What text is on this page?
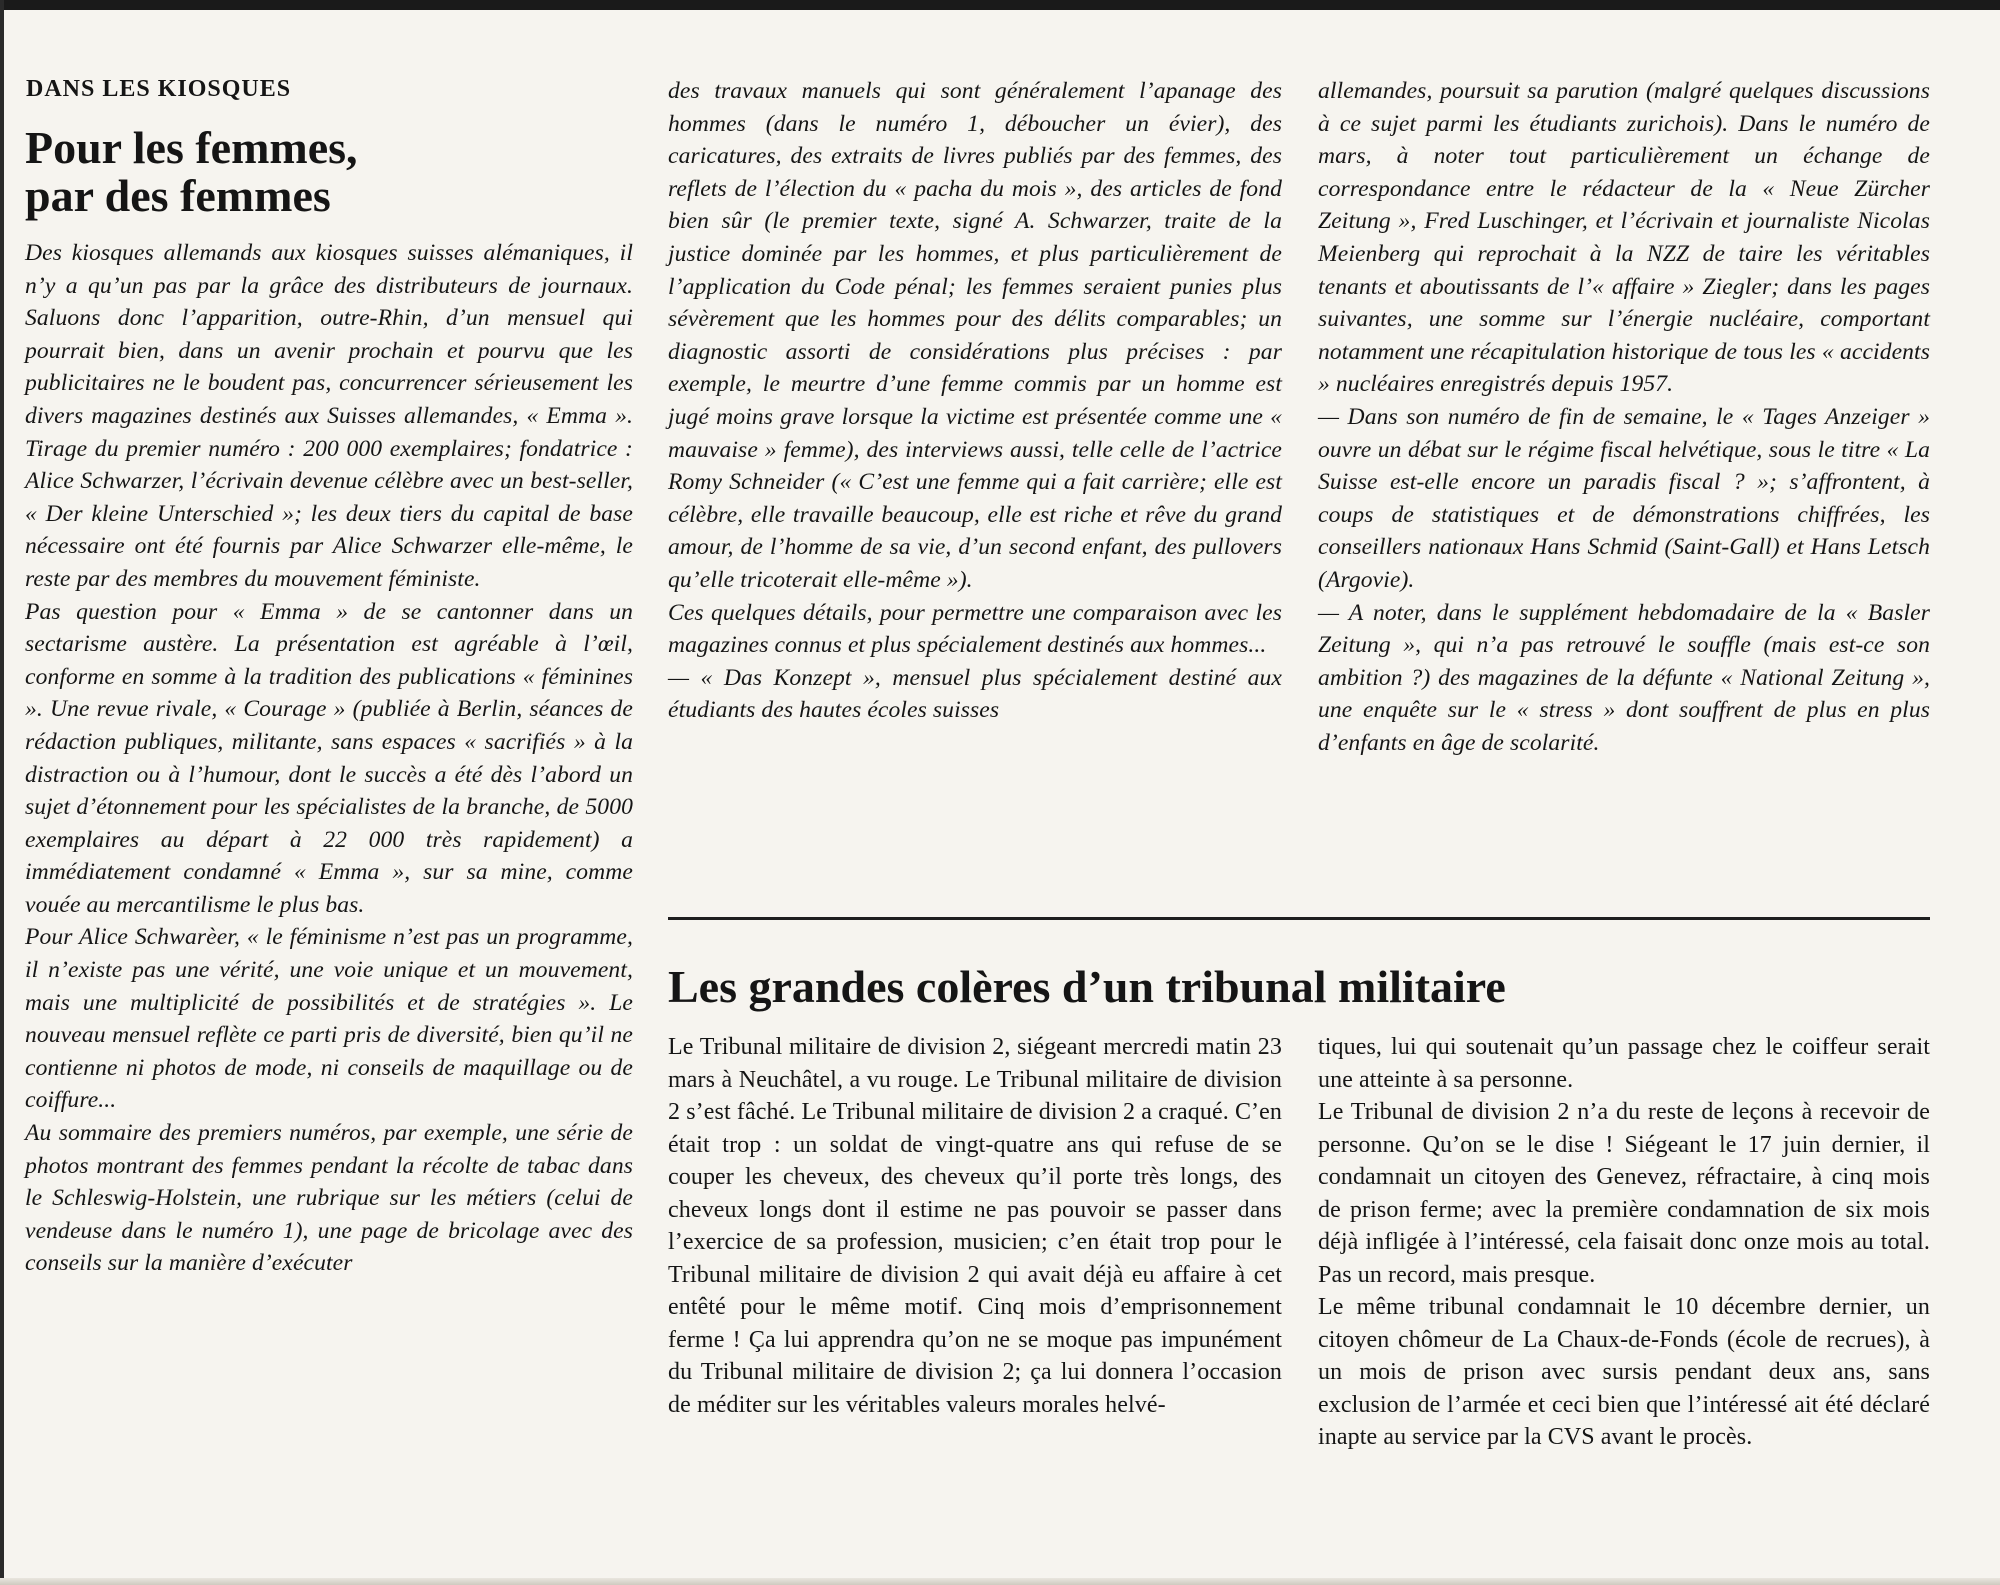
DANS LES KIOSQUES

Pour les femmes,
par des femmes

Des kiosques allemands aux kiosques suisses alémaniques, il n’y a qu’un pas par la grâce des distributeurs de journaux. Saluons donc l’apparition, outre-Rhin, d’un mensuel qui pourrait bien, dans un avenir prochain et pourvu que les publicitaires ne le boudent pas, concurrencer sérieusement les divers magazines destinés aux Suisses allemandes, « Emma ». Tirage du premier numéro : 200 000 exemplaires; fondatrice : Alice Schwarzer, l’écrivain devenue célèbre avec un best-seller, « Der kleine Unterschied »; les deux tiers du capital de base nécessaire ont été fournis par Alice Schwarzer elle-même, le reste par des membres du mouvement féministe.

Pas question pour « Emma » de se cantonner dans un sectarisme austère. La présentation est agréable à l’œil, conforme en somme à la tradition des publications « féminines ». Une revue rivale, « Courage » (publiée à Berlin, séances de rédaction publiques, militante, sans espaces « sacrifiés » à la distraction ou à l’humour, dont le succès a été dès l’abord un sujet d’étonnement pour les spécialistes de la branche, de 5000 exemplaires au départ à 22 000 très rapidement) a immédiatement condamné « Emma », sur sa mine, comme vouée au mercantilisme le plus bas.

Pour Alice Schwarèer, « le féminisme n’est pas un programme, il n’existe pas une vérité, une voie unique et un mouvement, mais une multiplicité de possibilités et de stratégies ». Le nouveau mensuel reflète ce parti pris de diversité, bien qu’il ne contienne ni photos de mode, ni conseils de maquillage ou de coiffure...

Au sommaire des premiers numéros, par exemple, une série de photos montrant des femmes pendant la récolte de tabac dans le Schleswig-Holstein, une rubrique sur les métiers (celui de vendeuse dans le numéro 1), une page de bricolage avec des conseils sur la manière d’exécuter

des travaux manuels qui sont généralement l’apanage des hommes (dans le numéro 1, déboucher un évier), des caricatures, des extraits de livres publiés par des femmes, des reflets de l’élection du « pacha du mois », des articles de fond bien sûr (le premier texte, signé A. Schwarzer, traite de la justice dominée par les hommes, et plus particulièrement de l’application du Code pénal; les femmes seraient punies plus sévèrement que les hommes pour des délits comparables; un diagnostic assorti de considérations plus précises : par exemple, le meurtre d’une femme commis par un homme est jugé moins grave lorsque la victime est présentée comme une « mauvaise » femme), des interviews aussi, telle celle de l’actrice Romy Schneider (« C’est une femme qui a fait carrière; elle est célèbre, elle travaille beaucoup, elle est riche et rêve du grand amour, de l’homme de sa vie, d’un second enfant, des pullovers qu’elle tricoterait elle-même »).

Ces quelques détails, pour permettre une comparaison avec les magazines connus et plus spécialement destinés aux hommes...

— « Das Konzept », mensuel plus spécialement destiné aux étudiants des hautes écoles suisses

allemandes, poursuit sa parution (malgré quelques discussions à ce sujet parmi les étudiants zurichois). Dans le numéro de mars, à noter tout particulièrement un échange de correspondance entre le rédacteur de la « Neue Zürcher Zeitung », Fred Luschinger, et l’écrivain et journaliste Nicolas Meienberg qui reprochait à la NZZ de taire les véritables tenants et aboutissants de l’« affaire » Ziegler; dans les pages suivantes, une somme sur l’énergie nucléaire, comportant notamment une récapitulation historique de tous les « accidents » nucléaires enregistrés depuis 1957.

— Dans son numéro de fin de semaine, le « Tages Anzeiger » ouvre un débat sur le régime fiscal helvétique, sous le titre « La Suisse est-elle encore un paradis fiscal ? »; s’affrontent, à coups de statistiques et de démonstrations chiffrées, les conseillers nationaux Hans Schmid (Saint-Gall) et Hans Letsch (Argovie).

— A noter, dans le supplément hebdomadaire de la « Basler Zeitung », qui n’a pas retrouvé le souffle (mais est-ce son ambition ?) des magazines de la défunte « National Zeitung », une enquête sur le « stress » dont souffrent de plus en plus d’enfants en âge de scolarité.

Les grandes colères d’un tribunal militaire

Le Tribunal militaire de division 2, siégeant mercredi matin 23 mars à Neuchâtel, a vu rouge. Le Tribunal militaire de division 2 s’est fâché. Le Tribunal militaire de division 2 a craqué. C’en était trop : un soldat de vingt-quatre ans qui refuse de se couper les cheveux, des cheveux qu’il porte très longs, des cheveux longs dont il estime ne pas pouvoir se passer dans l’exercice de sa profession, musicien; c’en était trop pour le Tribunal militaire de division 2 qui avait déjà eu affaire à cet entêté pour le même motif. Cinq mois d’emprisonnement ferme ! Ça lui apprendra qu’on ne se moque pas impunément du Tribunal militaire de division 2; ça lui donnera l’occasion de méditer sur les véritables valeurs morales helvé-

tiques, lui qui soutenait qu’un passage chez le coiffeur serait une atteinte à sa personne.

Le Tribunal de division 2 n’a du reste de leçons à recevoir de personne. Qu’on se le dise ! Siégeant le 17 juin dernier, il condamnait un citoyen des Genevez, réfractaire, à cinq mois de prison ferme; avec la première condamnation de six mois déjà infligée à l’intéressé, cela faisait donc onze mois au total. Pas un record, mais presque.

Le même tribunal condamnait le 10 décembre dernier, un citoyen chômeur de La Chaux-de-Fonds (école de recrues), à un mois de prison avec sursis pendant deux ans, sans exclusion de l’armée et ceci bien que l’intéressé ait été déclaré inapte au service par la CVS avant le procès.
